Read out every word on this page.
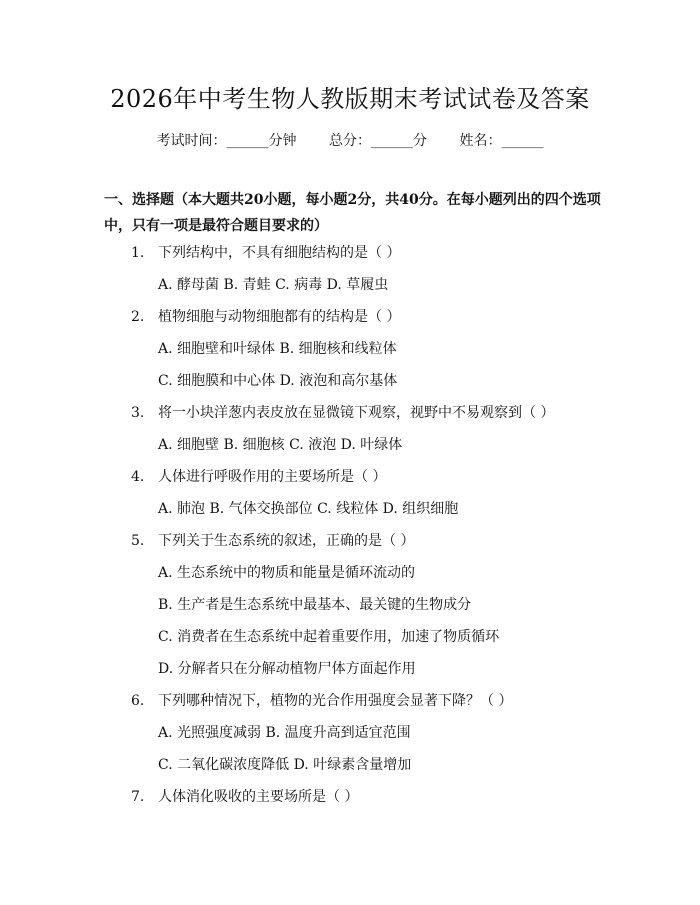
2026年中考生物人教版期末考试试卷及答案
考试时间：______分钟 总分：______分 姓名：______
一、选择题（本大题共20小题，每小题2分，共40分。在每小题列出的四个选项中，只有一项是最符合题目要求的）
1. 下列结构中，不具有细胞结构的是（ ）
A. 酵母菌 B. 青蛙 C. 病毒 D. 草履虫
2. 植物细胞与动物细胞都有的结构是（ ）
A. 细胞壁和叶绿体 B. 细胞核和线粒体
C. 细胞膜和中心体 D. 液泡和高尔基体
3. 将一小块洋葱内表皮放在显微镜下观察，视野中不易观察到（ ）
A. 细胞壁 B. 细胞核 C. 液泡 D. 叶绿体
4. 人体进行呼吸作用的主要场所是（ ）
A. 肺泡 B. 气体交换部位 C. 线粒体 D. 组织细胞
5. 下列关于生态系统的叙述，正确的是（ ）
A. 生态系统中的物质和能量是循环流动的
B. 生产者是生态系统中最基本、最关键的生物成分
C. 消费者在生态系统中起着重要作用，加速了物质循环
D. 分解者只在分解动植物尸体方面起作用
6. 下列哪种情况下，植物的光合作用强度会显著下降？（ ）
A. 光照强度减弱 B. 温度升高到适宜范围
C. 二氧化碳浓度降低 D. 叶绿素含量增加
7. 人体消化吸收的主要场所是（ ）
